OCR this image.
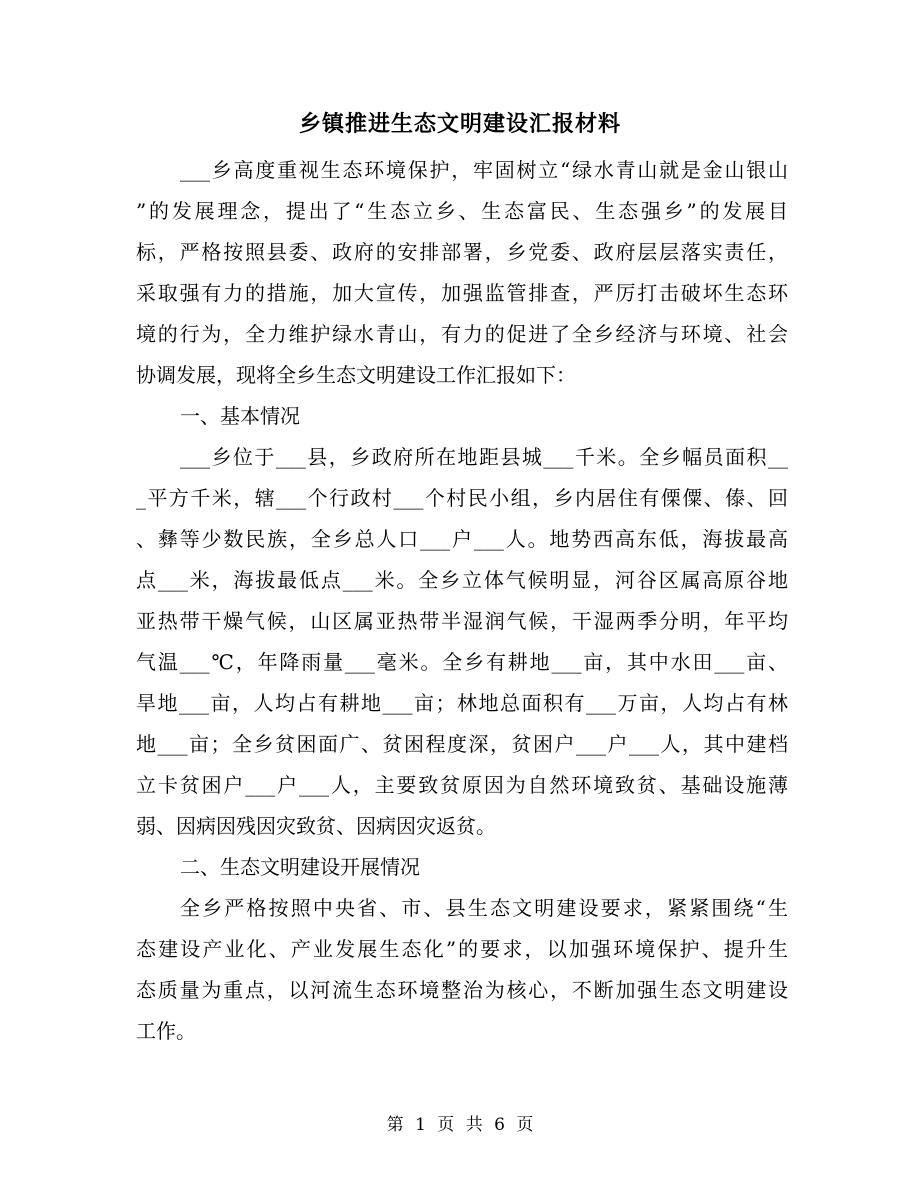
乡镇推进生态文明建设汇报材料
___乡高度重视生态环境保护，牢固树立“绿水青山就是金山银山
”的发展理念，提出了“生态立乡、生态富民、生态强乡”的发展目
标，严格按照县委、政府的安排部署，乡党委、政府层层落实责任，
采取强有力的措施，加大宣传，加强监管排查，严厉打击破坏生态环
境的行为，全力维护绿水青山，有力的促进了全乡经济与环境、社会
协调发展，现将全乡生态文明建设工作汇报如下：
一、基本情况
___乡位于___县，乡政府所在地距县城___千米。全乡幅员面积__
_平方千米，辖___个行政村___个村民小组，乡内居住有傈僳、傣、回
、彝等少数民族，全乡总人口___户___人。地势西高东低，海拔最高
点___米，海拔最低点___米。全乡立体气候明显，河谷区属高原谷地
亚热带干燥气候，山区属亚热带半湿润气候，干湿两季分明，年平均
气温___℃，年降雨量___毫米。全乡有耕地___亩，其中水田___亩、
旱地___亩，人均占有耕地___亩；林地总面积有___万亩，人均占有林
地___亩；全乡贫困面广、贫困程度深，贫困户___户___人，其中建档
立卡贫困户___户___人，主要致贫原因为自然环境致贫、基础设施薄
弱、因病因残因灾致贫、因病因灾返贫。
二、生态文明建设开展情况
全乡严格按照中央省、市、县生态文明建设要求，紧紧围绕“生
态建设产业化、产业发展生态化”的要求，以加强环境保护、提升生
态质量为重点，以河流生态环境整治为核心，不断加强生态文明建设
工作。
第 1 页 共 6 页
